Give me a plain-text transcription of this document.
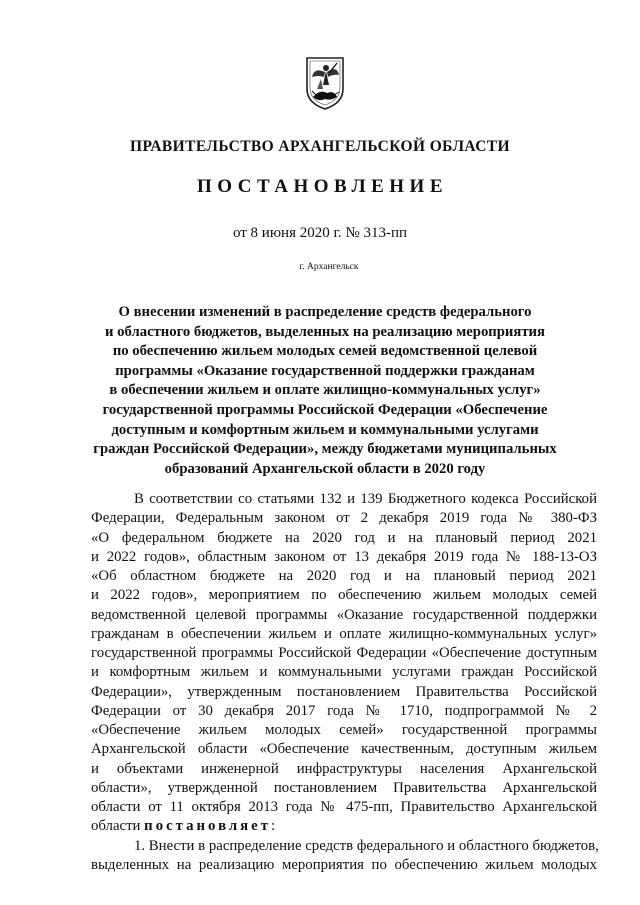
ПРАВИТЕЛЬСТВО АРХАНГЕЛЬСКОЙ ОБЛАСТИ
ПОСТАНОВЛЕНИЕ
от 8 июня 2020 г. № 313-пп
г. Архангельск
О внесении изменений в распределение средств федерального
и областного бюджетов, выделенных на реализацию мероприятия
по обеспечению жильем молодых семей ведомственной целевой
программы «Оказание государственной поддержки гражданам
в обеспечении жильем и оплате жилищно-коммунальных услуг»
государственной программы Российской Федерации «Обеспечение
доступным и комфортным жильем и коммунальными услугами
граждан Российской Федерации», между бюджетами муниципальных
образований Архангельской области в 2020 году
В соответствии со статьями 132 и 139 Бюджетного кодекса Российской
Федерации, Федеральным законом от 2 декабря 2019 года № 380-ФЗ
«О федеральном бюджете на 2020 год и на плановый период 2021
и 2022 годов», областным законом от 13 декабря 2019 года № 188-13-ОЗ
«Об областном бюджете на 2020 год и на плановый период 2021
и 2022 годов», мероприятием по обеспечению жильем молодых семей
ведомственной целевой программы «Оказание государственной поддержки
гражданам в обеспечении жильем и оплате жилищно-коммунальных услуг»
государственной программы Российской Федерации «Обеспечение доступным
и комфортным жильем и коммунальными услугами граждан Российской
Федерации», утвержденным постановлением Правительства Российской
Федерации от 30 декабря 2017 года № 1710, подпрограммой № 2
«Обеспечение жильем молодых семей» государственной программы
Архангельской области «Обеспечение качественным, доступным жильем
и объектами инженерной инфраструктуры населения Архангельской
области», утвержденной постановлением Правительства Архангельской
области от 11 октября 2013 года № 475-пп, Правительство Архангельской
области постановляет:
1. Внести в распределение средств федерального и областного бюджетов,
выделенных на реализацию мероприятия по обеспечению жильем молодых
